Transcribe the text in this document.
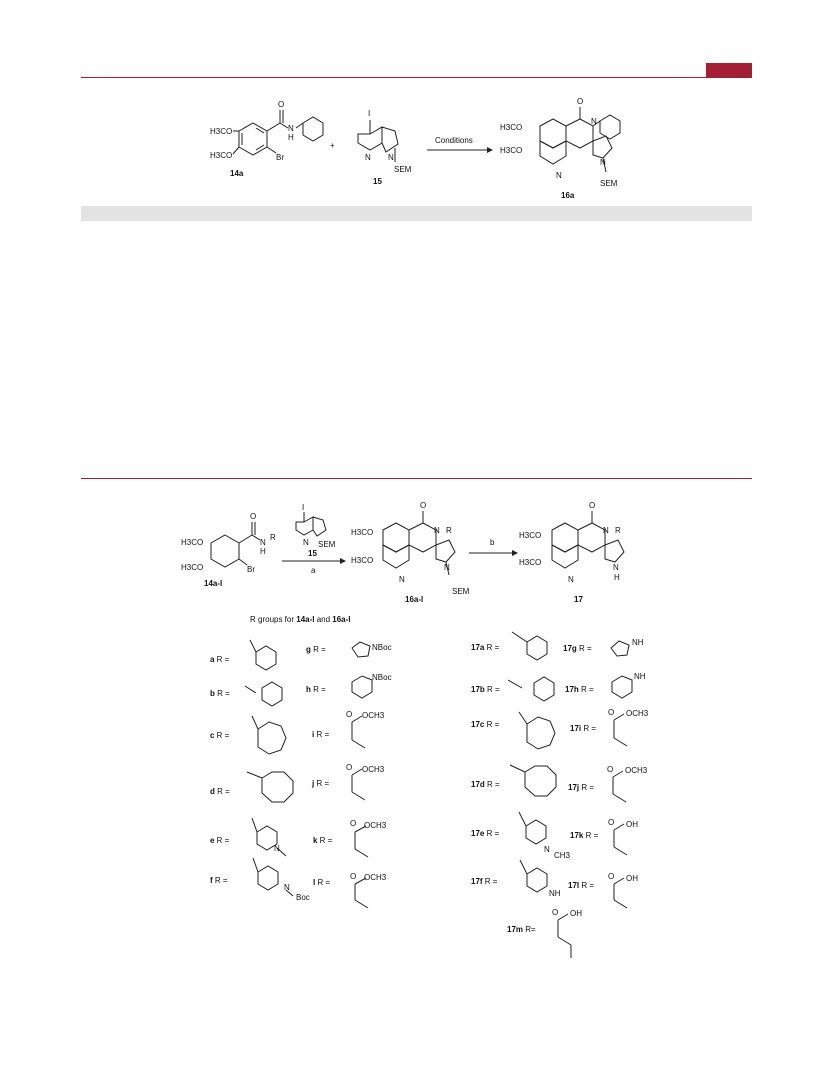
O
N
H
Br
H3CO
H3CO
14a
+
I
N N
SEM
15
Conditions
O
N
N
N
SEM
H3CO
H3CO
16a
O
N
H
R
Br
H3CO
H3CO
14a-l
I
N SEM
15
a
O
N R
N
N
SEM
H3CO
H3CO
16a-l
b
O
N R
N
N
H
H3CO
H3CO
17
R groups for 14a-l and 16a-l
a R =
b R =
c R =
d R =
e R =
N
f R =
N
Boc
g R =	NBoc
h R =
NBoc
i R =
O OCH3
j R =
O OCH3
k R =
O OCH3
l R =
O OCH3
17a R =
17b R =
17c R =
17d R =
17e R =
N
CH3
17f R =
NH
17g R =
NH
17h R =
NH
17i R =
O OCH3
17j R =
O OCH3
17k R =
O OH
17l R =
O OH
17m R=
O OH
